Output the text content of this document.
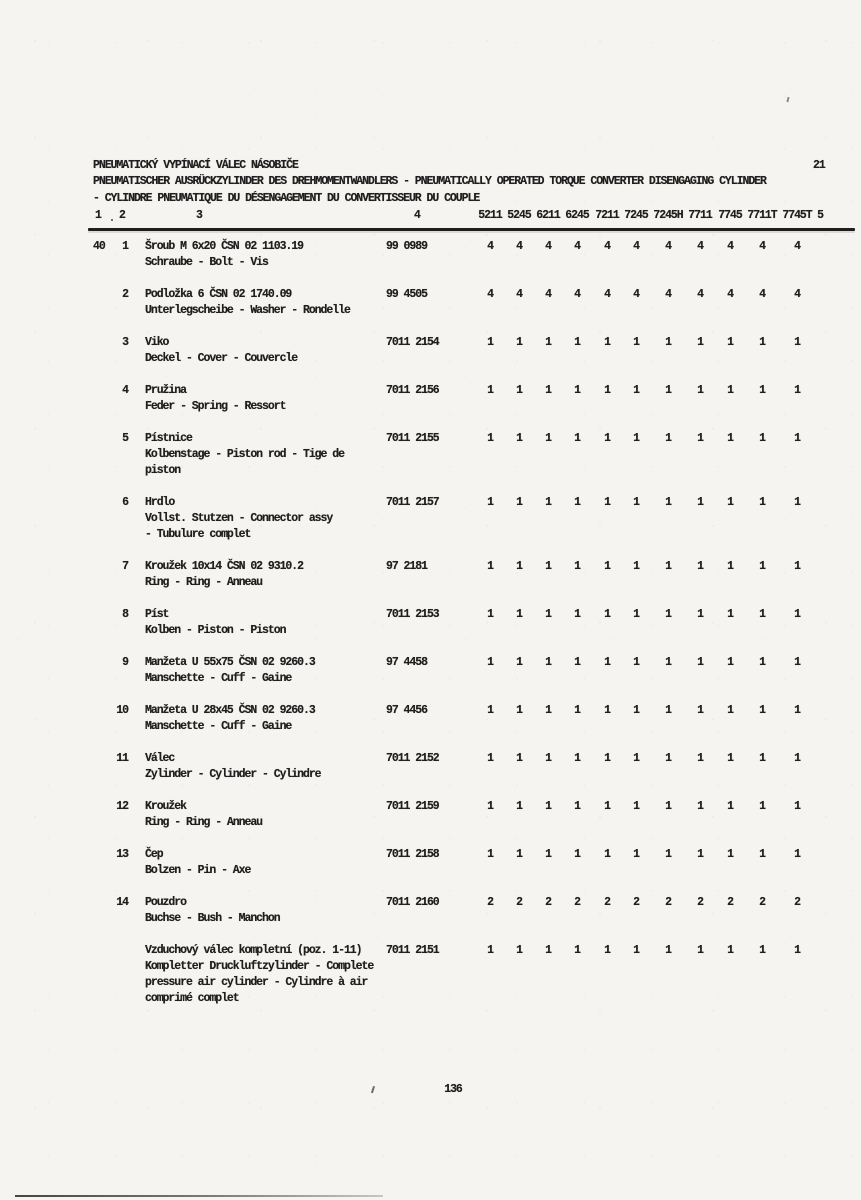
PNEUMATICKÝ VYPÍNACÍ VÁLEC NÁSOBIČE
PNEUMATISCHER AUSRÜCKZYLINDER DES DREHMOMENTWANDLERS - PNEUMATICALLY OPERATED TORQUE CONVERTER DISENGAGING CYLINDER
- CYLINDRE PNEUMATIQUE DU DÉSENGAGEMENT DU CONVERTISSEUR DU COUPLE
21
1 2	3	4	5211 5245 6211 6245 7211 7245 7245H 7711 7745 7711T 7745T 5
40	1 Šroub M 6x20 ČSN 02 1103.19
Schraube - Bolt - Vis
99 0989	4 4 4 4 4 4 4 4 4 4	4
2 Podložka 6 ČSN 02 1740.09
Unterlegscheibe - Washer - Rondelle
99 4505	4 4 4 4 4 4 4 4 4 4	4
3 Viko
Deckel - Cover - Couvercle
7011 2154	1 1 1 1 1 1 1 1 1 1	1
4 Pružina
Feder - Spring - Ressort
7011 2156	1 1 1 1 1 1 1 1 1 1	1
5 Pístnice
Kolbenstage - Piston rod - Tige de
piston
7011 2155	1 1 1 1 1 1 1 1 1 1	1
6 Hrdlo
Vollst. Stutzen - Connector assy
- Tubulure complet
7011 2157	1 1 1 1 1 1 1 1 1 1	1
7 Kroužek 10x14 ČSN 02 9310.2
Ring - Ring - Anneau
97 2181	1 1 1 1 1 1 1 1 1 1	1
8 Píst
Kolben - Piston - Piston
7011 2153	1 1 1 1 1 1 1 1 1 1	1
9 Manžeta U 55x75 ČSN 02 9260.3
Manschette - Cuff - Gaine
97 4458	1 1 1 1 1 1 1 1 1 1	1
10 Manžeta U 28x45 ČSN 02 9260.3
Manschette - Cuff - Gaine
97 4456	1 1 1 1 1 1 1 1 1 1	1
11 Válec
Zylinder - Cylinder - Cylindre
7011 2152	1 1 1 1 1 1 1 1 1 1	1
12 Kroužek
Ring - Ring - Anneau
7011 2159	1 1 1 1 1 1 1 1 1 1	1
13 Čep
Bolzen - Pin - Axe
7011 2158	1 1 1 1 1 1 1 1 1 1	1
14 Pouzdro
Buchse - Bush - Manchon
7011 2160	2 2 2 2 2 2 2 2 2 2	2
Vzduchový válec kompletní (poz. 1-11)
Kompletter Druckluftzylinder - Complete
pressure air cylinder - Cylindre à air
comprimé complet
7011 2151	1 1 1 1 1 1 1 1 1 1	1
136
